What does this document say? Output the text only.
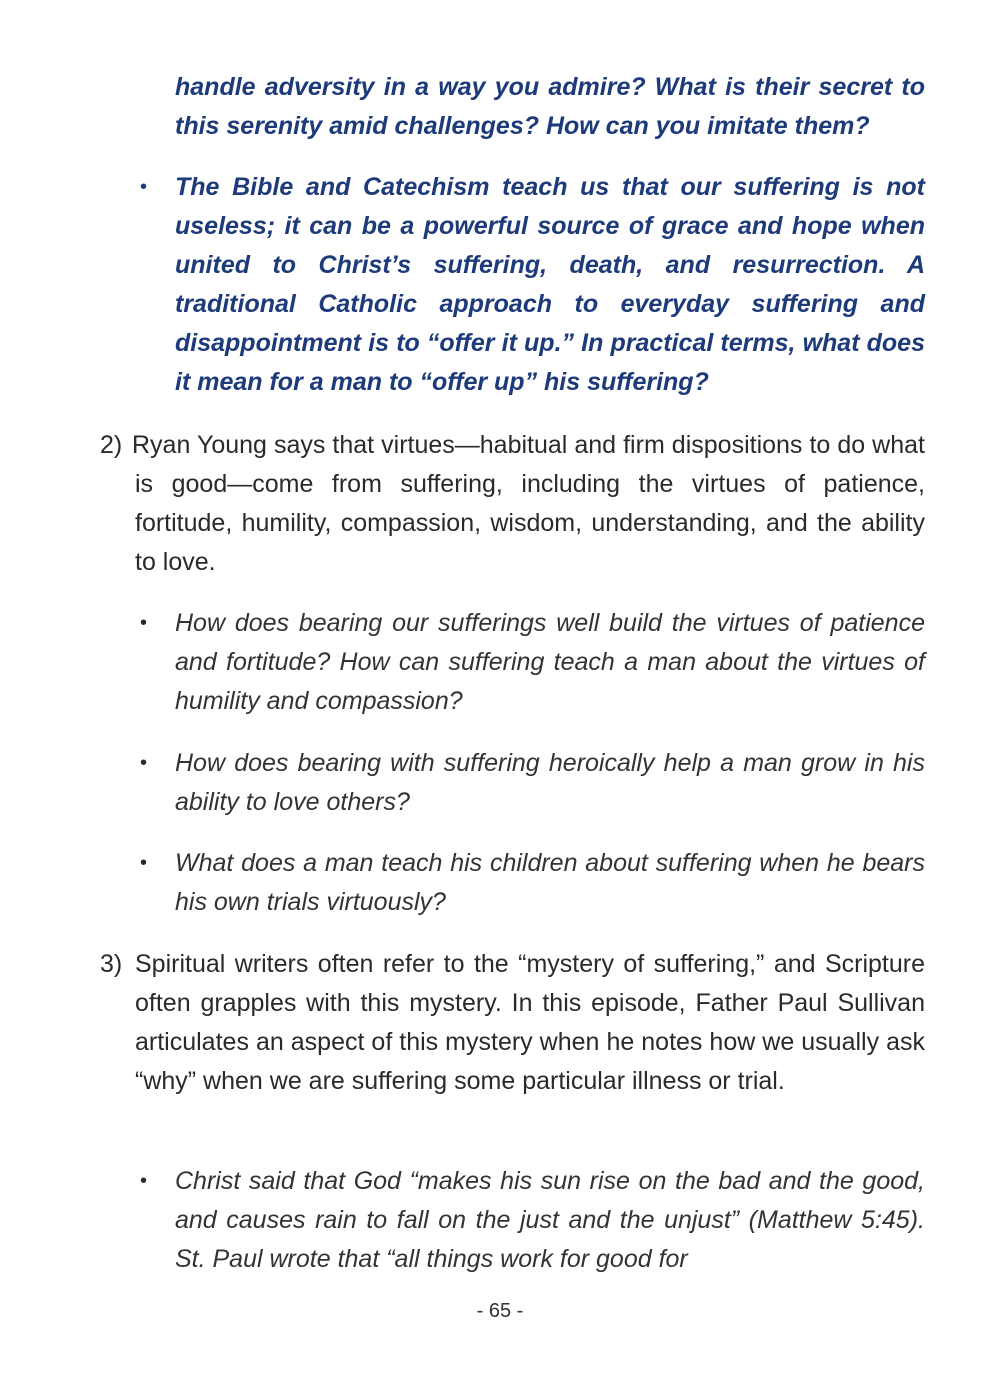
handle adversity in a way you admire? What is their secret to this serenity amid challenges? How can you imitate them?
• The Bible and Catechism teach us that our suffering is not useless; it can be a powerful source of grace and hope when united to Christ’s suffering, death, and resurrection. A traditional Catholic approach to everyday suffering and disappointment is to “offer it up.” In practical terms, what does it mean for a man to “offer up” his suffering?
2) Ryan Young says that virtues—habitual and firm dispositions to do what is good—come from suffering, including the virtues of patience, fortitude, humility, compassion, wisdom, understanding, and the ability to love.
• How does bearing our sufferings well build the virtues of patience and fortitude? How can suffering teach a man about the virtues of humility and compassion?
• How does bearing with suffering heroically help a man grow in his ability to love others?
• What does a man teach his children about suffering when he bears his own trials virtuously?
3) Spiritual writers often refer to the “mystery of suffering,” and Scripture often grapples with this mystery. In this episode, Father Paul Sullivan articulates an aspect of this mystery when he notes how we usually ask “why” when we are suffering some particular illness or trial.
• Christ said that God “makes his sun rise on the bad and the good, and causes rain to fall on the just and the unjust” (Matthew 5:45). St. Paul wrote that “all things work for good for
- 65 -
